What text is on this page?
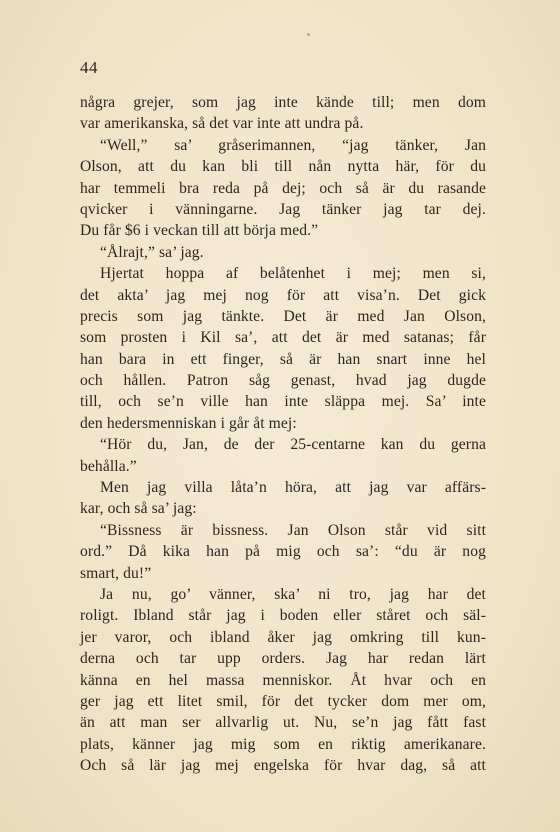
44
några grejer, som jag inte kände till; men dom
var amerikanska, så det var inte att undra på.
“Well,” sa’ gråserimannen, “jag tänker, Jan
Olson, att du kan bli till nån nytta här, för du
har temmeli bra reda på dej; och så är du rasande
qvicker i vänningarne. Jag tänker jag tar dej.
Du får $6 i veckan till att börja med.”
“Ålrajt,” sa’ jag.
Hjertat hoppa af belåtenhet i mej; men si,
det akta’ jag mej nog för att visa’n. Det gick
precis som jag tänkte. Det är med Jan Olson,
som prosten i Kil sa’, att det är med satanas; får
han bara in ett finger, så är han snart inne hel
och hållen. Patron såg genast, hvad jag dugde
till, och se’n ville han inte släppa mej. Sa’ inte
den hedersmenniskan i går åt mej:
“Hör du, Jan, de der 25-centarne kan du gerna
behålla.”
Men jag villa låta’n höra, att jag var affärs-
kar, och så sa’ jag:
“Bissness är bissness. Jan Olson står vid sitt
ord.” Då kika han på mig och sa’: “du är nog
smart, du!”
Ja nu, go’ vänner, ska’ ni tro, jag har det
roligt. Ibland står jag i boden eller ståret och säl-
jer varor, och ibland åker jag omkring till kun-
derna och tar upp orders. Jag har redan lärt
känna en hel massa menniskor. Åt hvar och en
ger jag ett litet smil, för det tycker dom mer om,
än att man ser allvarlig ut. Nu, se’n jag fått fast
plats, känner jag mig som en riktig amerikanare.
Och så lär jag mej engelska för hvar dag, så att
